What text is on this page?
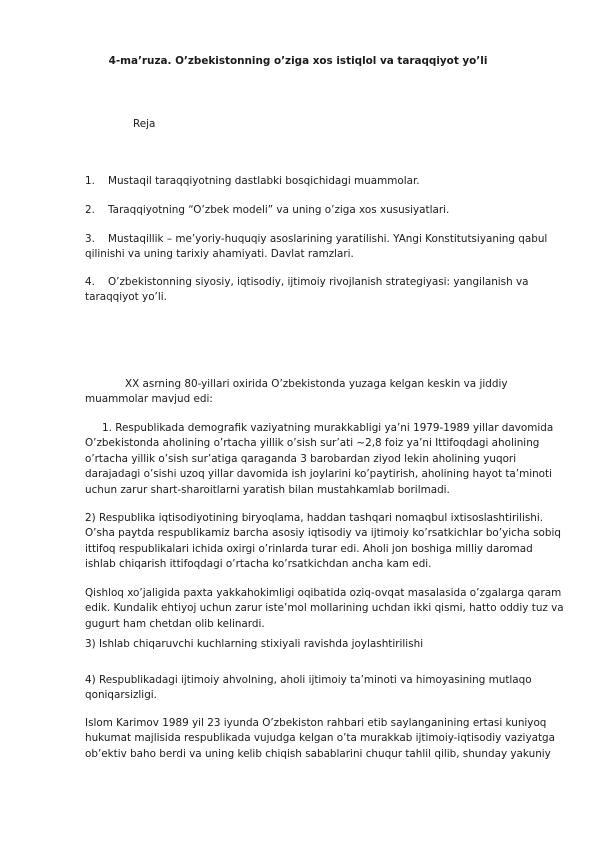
4-ma’ruza. O’zbekistonning o’ziga xos istiqlol va taraqqiyot yo’li

Reja

1. Mustaqil taraqqiyotning dastlabki bosqichidagi muammolar.
2. Taraqqiyotning “O’zbek modeli” va uning o’ziga xos xususiyatlari.
3. Mustaqillik – me’yoriy-huquqiy asoslarining yaratilishi. YAngi Konstitutsiyaning qabul
qilinishi va uning tarixiy ahamiyati. Davlat ramzlari.
4. O’zbekistonning siyosiy, iqtisodiy, ijtimoiy rivojlanish strategiyasi: yangilanish va
taraqqiyot yo’li.
XX asrning 80-yillari oxirida O’zbekistonda yuzaga kelgan keskin va jiddiy
muammolar mavjud edi:
1. Respublikada demografik vaziyatning murakkabligi ya’ni 1979-1989 yillar davomida
O’zbekistonda aholining o’rtacha yillik o’sish sur’ati ~2,8 foiz ya’ni Ittifoqdagi aholining
o’rtacha yillik o’sish sur’atiga qaraganda 3 barobardan ziyod lekin aholining yuqori
darajadagi o’sishi uzoq yillar davomida ish joylarini ko’paytirish, aholining hayot ta’minoti
uchun zarur shart-sharoitlarni yaratish bilan mustahkamlab borilmadi.
2) Respublika iqtisodiyotining biryoqlama, haddan tashqari nomaqbul ixtisoslashtirilishi.
O’sha paytda respublikamiz barcha asosiy iqtisodiy va ijtimoiy ko’rsatkichlar bo’yicha sobiq
ittifoq respublikalari ichida oxirgi o’rinlarda turar edi. Aholi jon boshiga milliy daromad
ishlab chiqarish ittifoqdagi o’rtacha ko’rsatkichdan ancha kam edi.
Qishloq xo’jaligida paxta yakkahokimligi oqibatida oziq-ovqat masalasida o’zgalarga qaram
edik. Kundalik ehtiyoj uchun zarur iste’mol mollarining uchdan ikki qismi, hatto oddiy tuz va
gugurt ham chetdan olib kelinardi.
3) Ishlab chiqaruvchi kuchlarning stixiyali ravishda joylashtirilishi
4) Respublikadagi ijtimoiy ahvolning, aholi ijtimoiy ta’minoti va himoyasining mutlaqo
qoniqarsizligi.
Islom Karimov 1989 yil 23 iyunda O’zbekiston rahbari etib saylanganining ertasi kuniyoq
hukumat majlisida respublikada vujudga kelgan o’ta murakkab ijtimoiy-iqtisodiy vaziyatga
ob’ektiv baho berdi va uning kelib chiqish sabablarini chuqur tahlil qilib, shunday yakuniy
